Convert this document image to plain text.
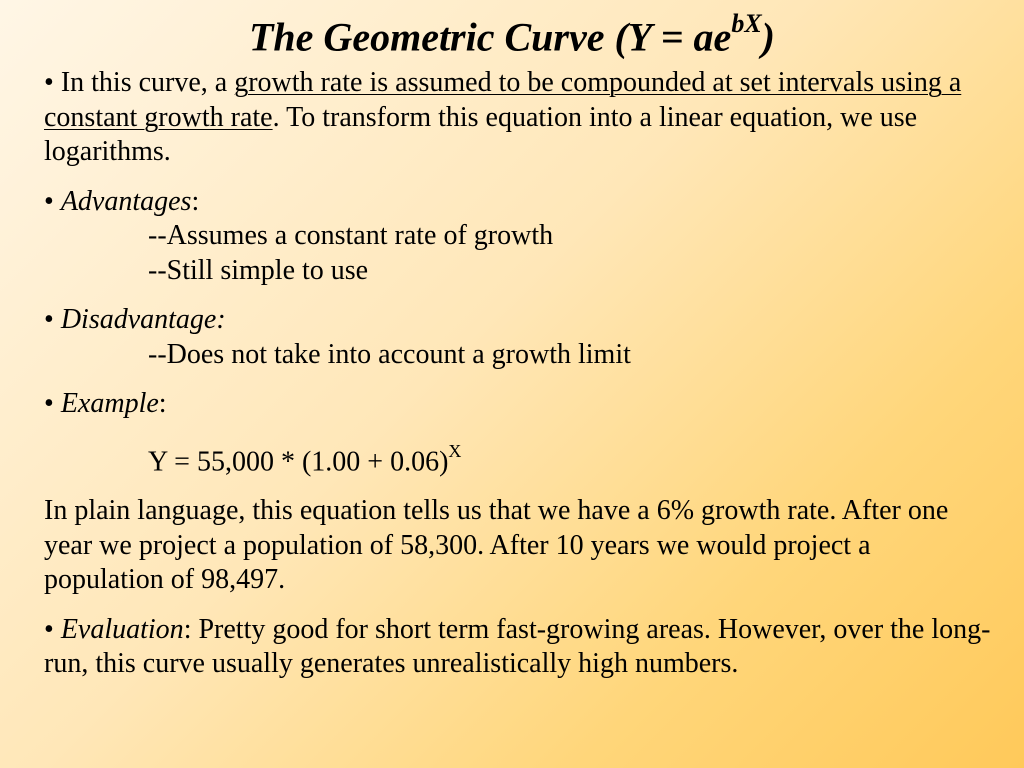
The Geometric Curve $(Y = ae^{bX})$

• In this curve, a growth rate is assumed to be compounded at set intervals using a constant growth rate. To transform this equation into a linear equation, we use logarithms.

• Advantages:

--Assumes a constant rate of growth

--Still simple to use

• Disadvantage:

--Does not take into account a growth limit

• Example:

$Y = 55,000 * (1.00 + 0.06)^X$

In plain language, this equation tells us that we have a 6% growth rate. After one year we project a population of 58,300. After 10 years we would project a population of 98,497.

• Evaluation: Pretty good for short term fast-growing areas. However, over the long-run, this curve usually generates unrealistically high numbers.
